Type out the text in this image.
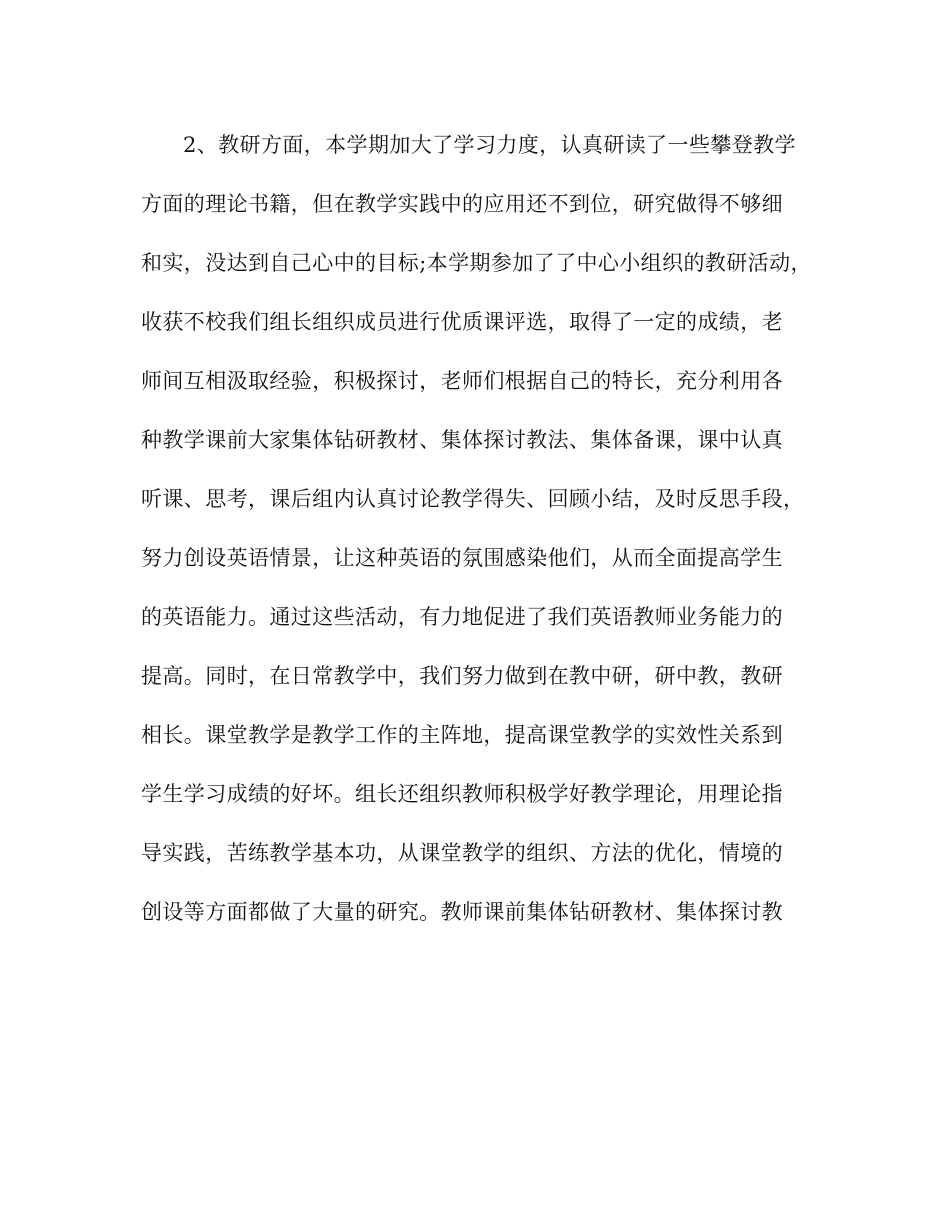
2、教研方面，本学期加大了学习力度，认真研读了一些攀登教学
方面的理论书籍，但在教学实践中的应用还不到位，研究做得不够细
和实，没达到自己心中的目标;本学期参加了了中心小组织的教研活动，
收获不校我们组长组织成员进行优质课评选，取得了一定的成绩，老
师间互相汲取经验，积极探讨，老师们根据自己的特长，充分利用各
种教学课前大家集体钻研教材、集体探讨教法、集体备课，课中认真
听课、思考，课后组内认真讨论教学得失、回顾小结，及时反思手段，
努力创设英语情景，让这种英语的氛围感染他们，从而全面提高学生
的英语能力。通过这些活动，有力地促进了我们英语教师业务能力的
提高。同时，在日常教学中，我们努力做到在教中研，研中教，教研
相长。课堂教学是教学工作的主阵地，提高课堂教学的实效性关系到
学生学习成绩的好坏。组长还组织教师积极学好教学理论，用理论指
导实践，苦练教学基本功，从课堂教学的组织、方法的优化，情境的
创设等方面都做了大量的研究。教师课前集体钻研教材、集体探讨教
